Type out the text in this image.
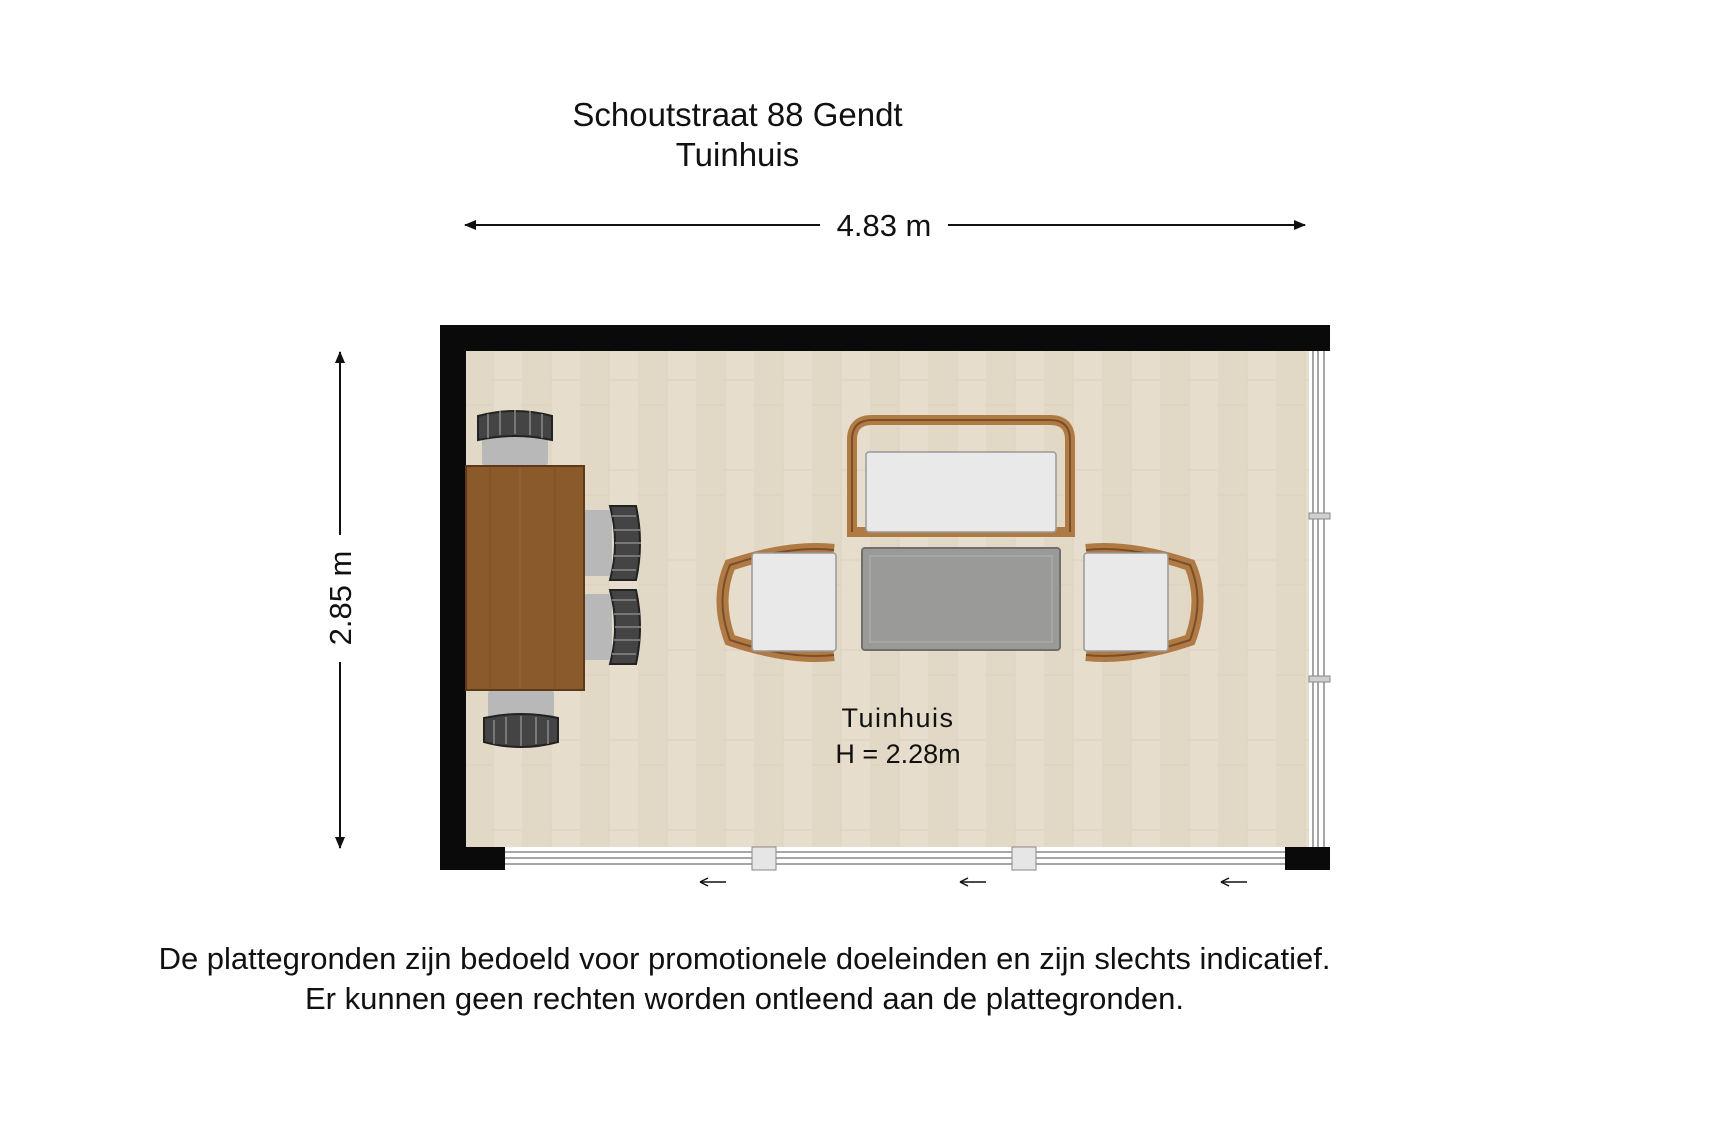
Schoutstraat 88 Gendt
Tuinhuis
4.83 m
2.85 m
Tuinhuis
H = 2.28m
De plattegronden zijn bedoeld voor promotionele doeleinden en zijn slechts indicatief.
Er kunnen geen rechten worden ontleend aan de plattegronden.
